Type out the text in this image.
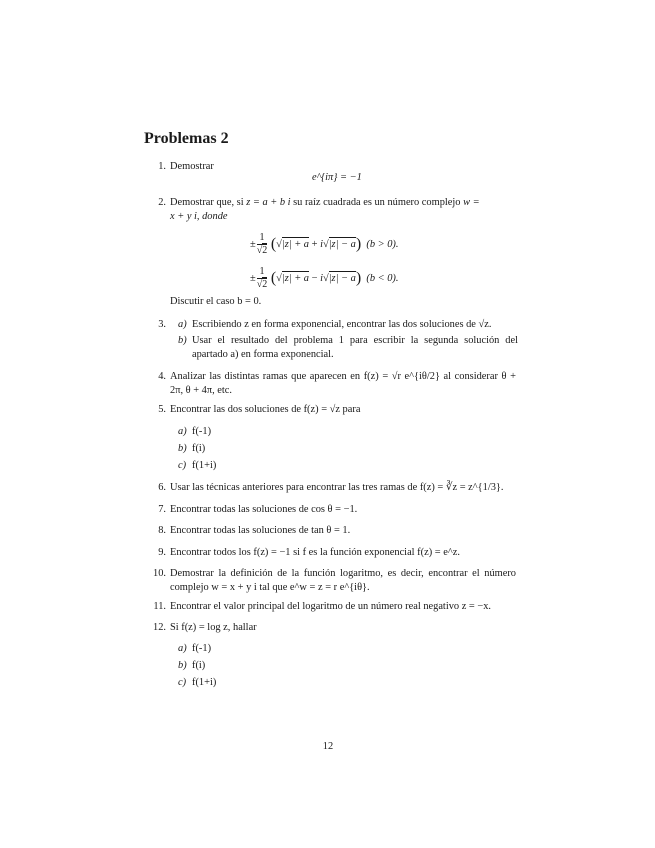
Problemas 2
1. Demostrar
e^{iπ} = −1
2. Demostrar que, si z = a + b i su raíz cuadrada es un número complejo w =
x + y i, donde
± $\frac{1}{√2} (√|z| + a + i√|z| - a) (b > 0)$.
± $\frac{1}{√2} (√|z| + a - i√|z| - a) (b < 0)$.
Discutir el caso b = 0.
3. a) Escribiendo z en forma exponencial, encontrar las dos soluciones de √z.
b) Usar el resultado del problema 1 para escribir la segunda solución del apartado a) en forma exponencial.
4. Analizar las distintas ramas que aparecen en f(z) = √r e^{iθ/2} al considerar θ + 2π, θ + 4π, etc.
5. Encontrar las dos soluciones de f(z) = √z para
a) f(-1)
b) f(i)
c) f(1+i)
6. Usar las técnicas anteriores para encontrar las tres ramas de f(z) = ∛z = z^{1/3}.
7. Encontrar todas las soluciones de cos θ = −1.
8. Encontrar todas las soluciones de tan θ = 1.
9. Encontrar todos los f(z) = −1 si f es la función exponencial f(z) = e^z.
10. Demostrar la definición de la función logaritmo, es decir, encontrar el número complejo w = x + y i tal que e^w = z = r e^{iθ}.
11. Encontrar el valor principal del logaritmo de un número real negativo z = −x.
12. Si f(z) = log z, hallar
a) f(-1)
b) f(i)
c) f(1+i)
12
